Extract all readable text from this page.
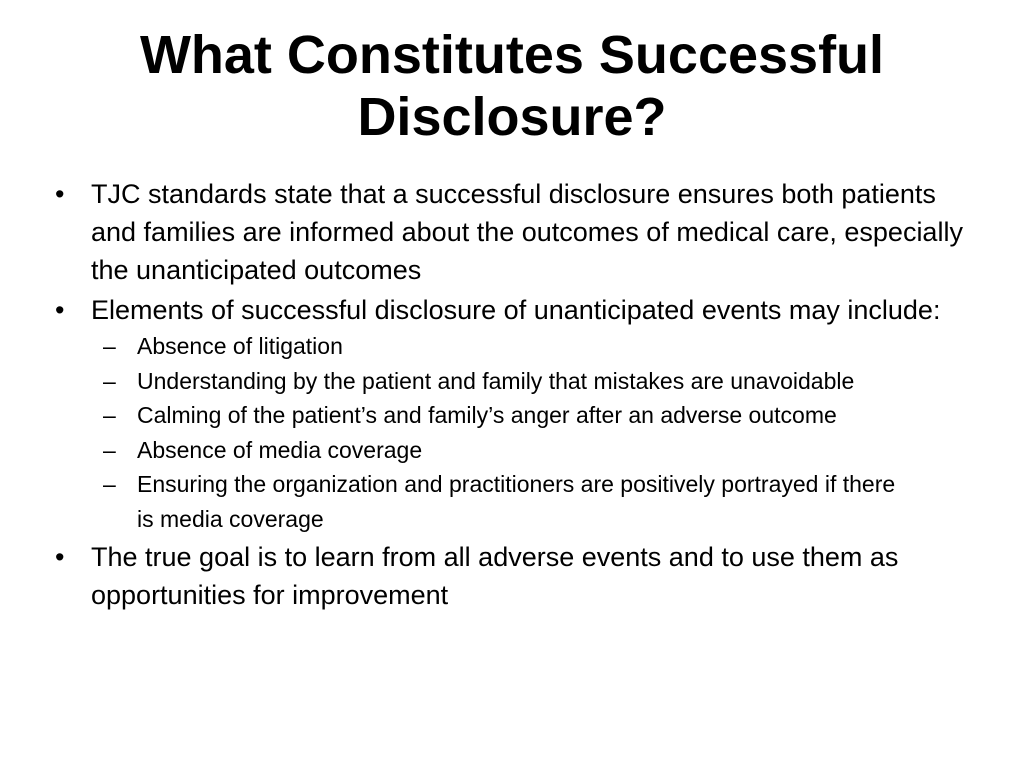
What Constitutes Successful Disclosure?
• TJC standards state that a successful disclosure ensures both patients and families are informed about the outcomes of medical care, especially the unanticipated outcomes
• Elements of successful disclosure of unanticipated events may include:
– Absence of litigation
– Understanding by the patient and family that mistakes are unavoidable
– Calming of the patient’s and family’s anger after an adverse outcome
– Absence of media coverage
– Ensuring the organization and practitioners are positively portrayed if there is media coverage
• The true goal is to learn from all adverse events and to use them as opportunities for improvement
